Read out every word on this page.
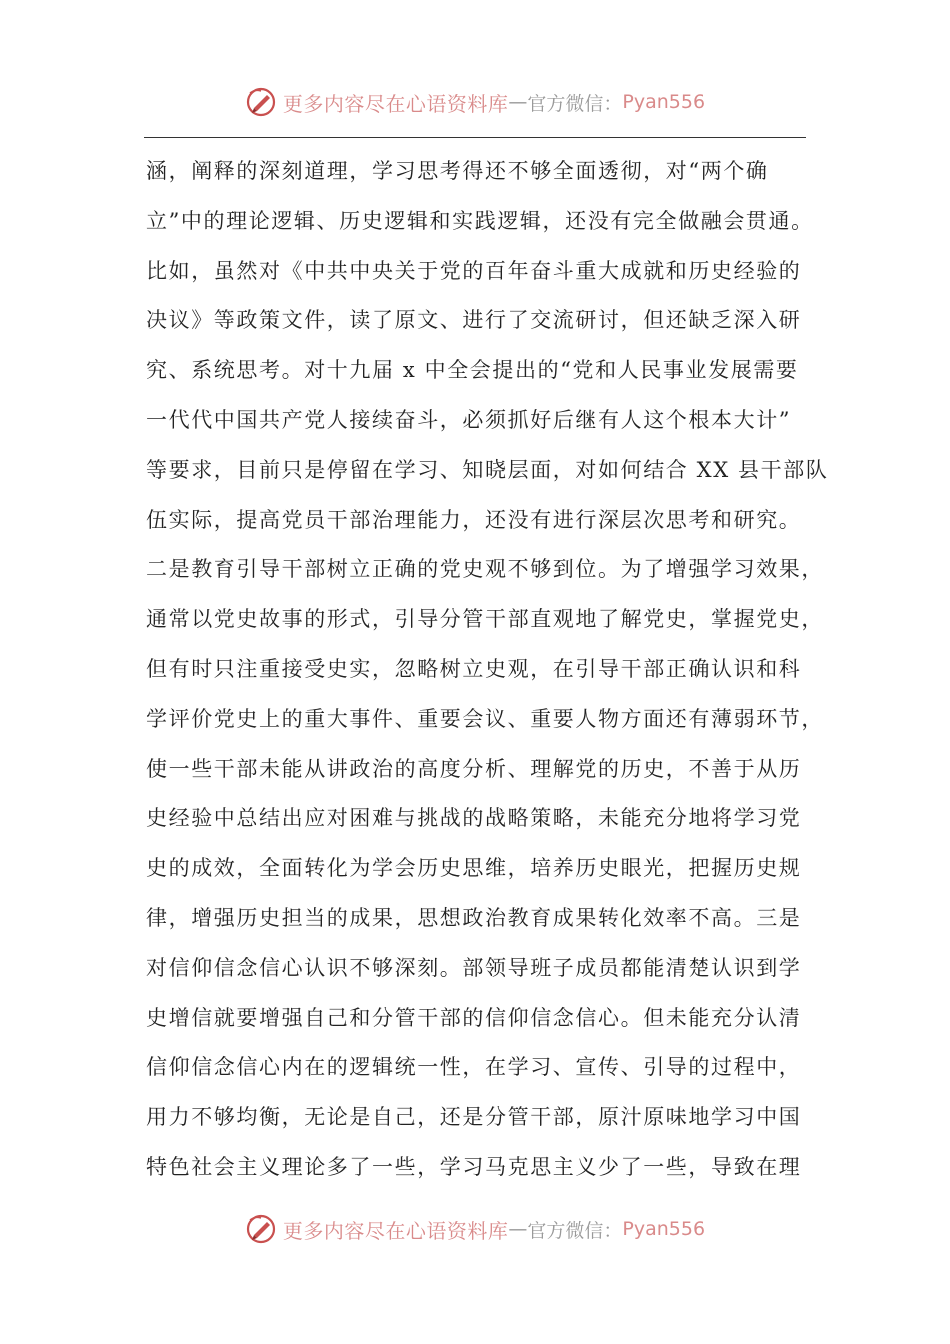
更多内容尽在心语资料库 — 官方微信： Pyan556
涵，阐释的深刻道理，学习思考得还不够全面透彻，对“两个确
立”中的理论逻辑、历史逻辑和实践逻辑，还没有完全做融会贯通。
比如，虽然对《中共中央关于党的百年奋斗重大成就和历史经验的
决议》等政策文件，读了原文、进行了交流研讨，但还缺乏深入研
究、系统思考。对十九届 x 中全会提出的“党和人民事业发展需要
一代代中国共产党人接续奋斗，必须抓好后继有人这个根本大计”
等要求，目前只是停留在学习、知晓层面，对如何结合 XX 县干部队
伍实际，提高党员干部治理能力，还没有进行深层次思考和研究。
二是教育引导干部树立正确的党史观不够到位。为了增强学习效果，
通常以党史故事的形式，引导分管干部直观地了解党史，掌握党史，
但有时只注重接受史实，忽略树立史观，在引导干部正确认识和科
学评价党史上的重大事件、重要会议、重要人物方面还有薄弱环节，
使一些干部未能从讲政治的高度分析、理解党的历史，不善于从历
史经验中总结出应对困难与挑战的战略策略，未能充分地将学习党
史的成效，全面转化为学会历史思维，培养历史眼光，把握历史规
律，增强历史担当的成果，思想政治教育成果转化效率不高。三是
对信仰信念信心认识不够深刻。部领导班子成员都能清楚认识到学
史增信就要增强自己和分管干部的信仰信念信心。但未能充分认清
信仰信念信心内在的逻辑统一性，在学习、宣传、引导的过程中，
用力不够均衡，无论是自己，还是分管干部，原汁原味地学习中国
特色社会主义理论多了一些，学习马克思主义少了一些，导致在理
更多内容尽在心语资料库 — 官方微信： Pyan556
